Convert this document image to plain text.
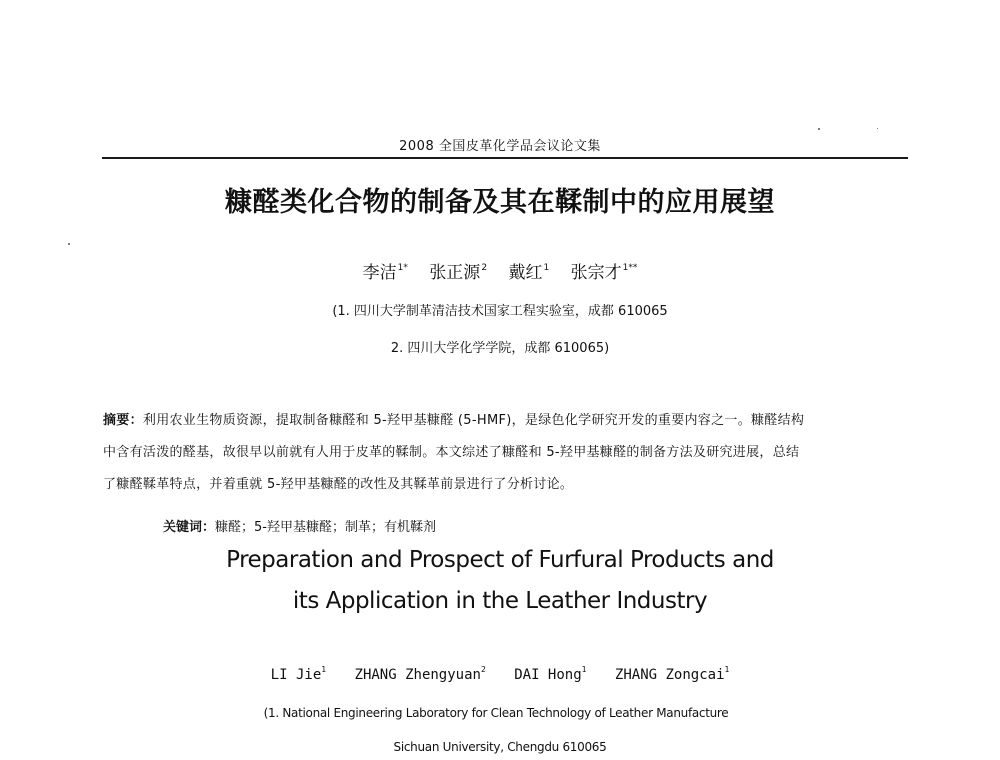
2008 全国皮革化学品会议论文集
糠醛类化合物的制备及其在鞣制中的应用展望
李洁$^{1*}$ 张正源$^2$ 戴红$^1$ 张宗才$^{1**}$
(1. 四川大学制革清洁技术国家工程实验室，成都 610065
2. 四川大学化学学院，成都 610065)
摘要：利用农业生物质资源，提取制备糠醛和 5-羟甲基糠醛 (5-HMF)，是绿色化学研究开发的重要内容之一。糠醛结构
中含有活泼的醛基，故很早以前就有人用于皮革的鞣制。本文综述了糠醛和 5-羟甲基糠醛的制备方法及研究进展，总结
了糠醛鞣革特点，并着重就 5-羟甲基糠醛的改性及其鞣革前景进行了分析讨论。
关键词：糠醛；5-羟甲基糠醛；制革；有机鞣剂
Preparation and Prospect of Furfural Products and
its Application in the Leather Industry
LI Jie$^1$ ZHANG Zhengyuan$^2$ DAI Hong$^1$ ZHANG Zongcai$^1$
(1. National Engineering Laboratory for Clean Technology of Leather Manufacture
Sichuan University, Chengdu 610065
